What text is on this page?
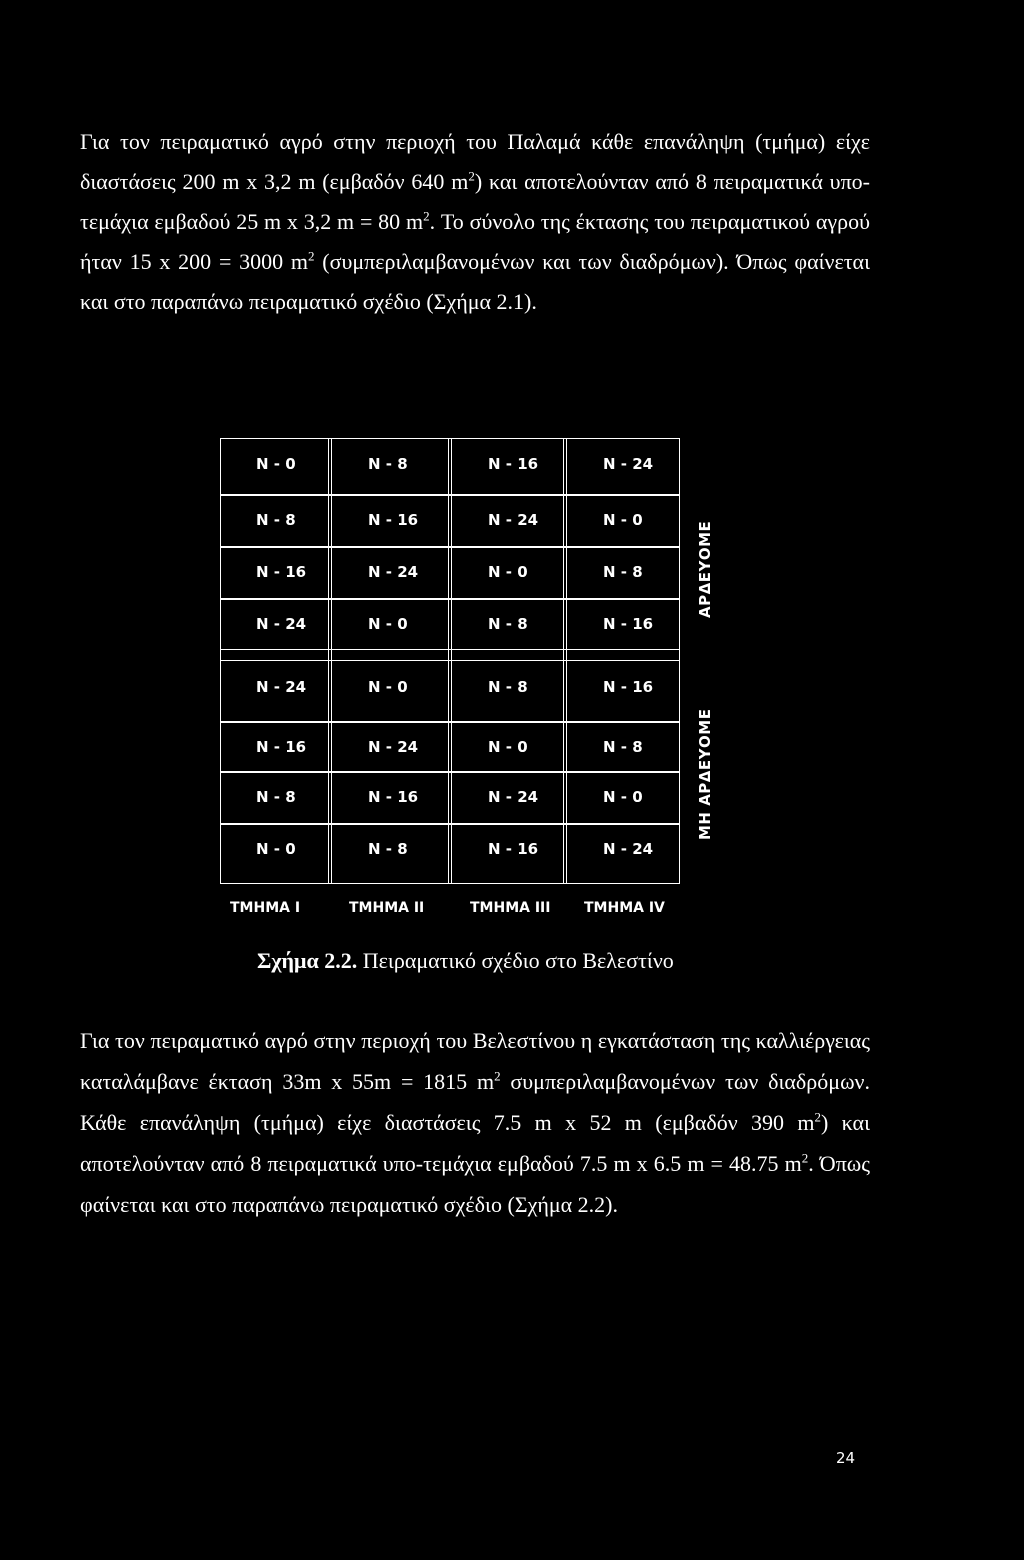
Για τον πειραματικό αγρό στην περιοχή του Παλαμά κάθε επανάληψη (τμήμα) είχε διαστάσεις 200 m x 3,2 m (εμβαδόν 640 $m^2$) και αποτελούνταν από 8 πειραματικά υπο-τεμάχια εμβαδού 25 m x 3,2 m = 80 $m^2$. Το σύνολο της έκτασης του πειραματικού αγρού ήταν 15 x 200 = 3000 $m^2$ (συμπεριλαμβανομένων και των διαδρόμων). Όπως φαίνεται και στο παραπάνω πειραματικό σχέδιο (Σχήμα 2.1).

N - 0	N - 8	N - 16	N - 24
N - 8	N - 16	N - 24	N - 0
N - 16	N - 24	N - 0	N - 8
N - 24	N - 0	N - 8	N - 16
N - 24	N - 0	N - 8	N - 16
N - 16	N - 24	N - 0	N - 8
N - 8	N - 16	N - 24	N - 0
N - 0	N - 8	N - 16	N - 24
ΑΡΔΕΥΟΜΕ
ΜΗ ΑΡΔΕΥΟΜΕ
ΤΜΗΜΑ Ι	ΤΜΗΜΑ ΙΙ	ΤΜΗΜΑ ΙΙΙ ΤΜΗΜΑ ΙV
Σχήμα 2.2. Πειραματικό σχέδιο στο Βελεστίνο

Για τον πειραματικό αγρό στην περιοχή του Βελεστίνου η εγκατάσταση της καλλιέργειας καταλάμβανε έκταση 33m x 55m = 1815 $m^2$ συμπεριλαμβανομένων των διαδρόμων. Κάθε επανάληψη (τμήμα) είχε διαστάσεις 7.5 m x 52 m (εμβαδόν 390 $m^2$) και αποτελούνταν από 8 πειραματικά υπο-τεμάχια εμβαδού 7.5 m x 6.5 m = 48.75 $m^2$. Όπως φαίνεται και στο παραπάνω πειραματικό σχέδιο (Σχήμα 2.2).

24
